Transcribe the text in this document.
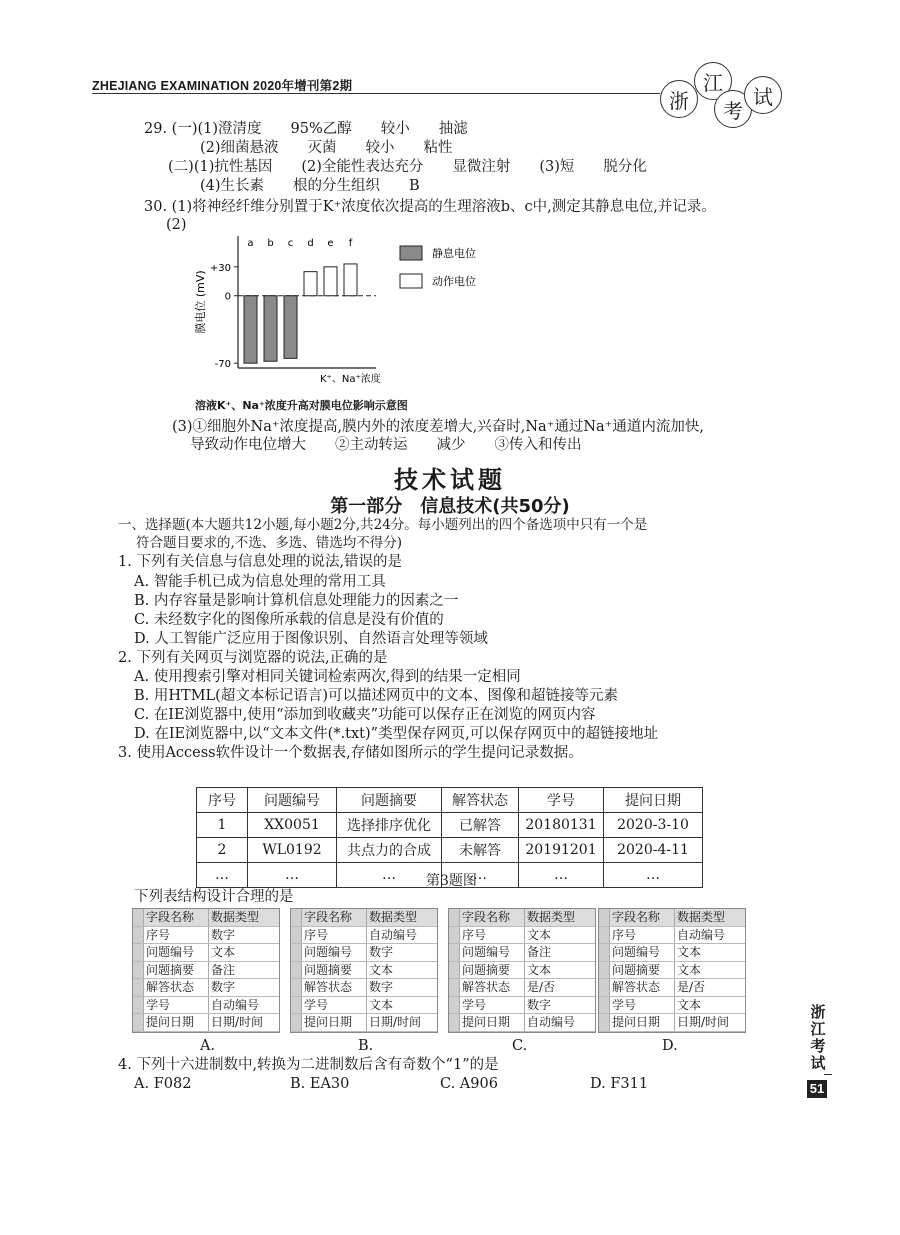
ZHEJIANG EXAMINATION 2020年增刊第2期
浙
江
考
试
29. (一)(1)澄清度　　95%乙醇　　较小　　抽滤
(2)细菌悬液　　灭菌　　较小　　粘性
(二)(1)抗性基因　　(2)全能性表达充分　　显微注射　　(3)短　　脱分化
(4)生长素　　根的分生组织　　B
30. (1)将神经纤维分别置于K⁺浓度依次提高的生理溶液b、c中,测定其静息电位,并记录。
(2)
+30
0
-70
膜电位 (mV)
K⁺、Na⁺浓度
a b c d e f
静息电位
动作电位
溶液K⁺、Na⁺浓度升高对膜电位影响示意图
(3)①细胞外Na⁺浓度提高,膜内外的浓度差增大,兴奋时,Na⁺通过Na⁺通道内流加快,
导致动作电位增大　　②主动转运　　减少　　③传入和传出
技术试题
第一部分　信息技术(共50分)
一、选择题(本大题共12小题,每小题2分,共24分。每小题列出的四个备选项中只有一个是
符合题目要求的,不选、多选、错选均不得分)
1. 下列有关信息与信息处理的说法,错误的是
A. 智能手机已成为信息处理的常用工具
B. 内存容量是影响计算机信息处理能力的因素之一
C. 未经数字化的图像所承载的信息是没有价值的
D. 人工智能广泛应用于图像识别、自然语言处理等领域
2. 下列有关网页与浏览器的说法,正确的是
A. 使用搜索引擎对相同关键词检索两次,得到的结果一定相同
B. 用HTML(超文本标记语言)可以描述网页中的文本、图像和超链接等元素
C. 在IE浏览器中,使用“添加到收藏夹”功能可以保存正在浏览的网页内容
D. 在IE浏览器中,以“文本文件(*.txt)”类型保存网页,可以保存网页中的超链接地址
3. 使用Access软件设计一个数据表,存储如图所示的学生提问记录数据。
序号	问题编号	问题摘要	解答状态	学号	提问日期
1	XX0051	选择排序优化	已解答	20180131	2020-3-10
2	WL0192	共点力的合成	未解答	20191201	2020-4-11
…	…	…	…	…	…
第3题图
下列表结构设计合理的是
字段名称	数据类型
序号	数字
问题编号	文本
问题摘要	备注
解答状态	数字
学号	自动编号
提问日期	日期/时间
字段名称	数据类型
序号	自动编号
问题编号	数字
问题摘要	文本
解答状态	数字
学号	文本
提问日期	日期/时间
字段名称	数据类型
序号	文本
问题编号	备注
问题摘要	文本
解答状态	是/否
学号	数字
提问日期	自动编号
字段名称	数据类型
序号	自动编号
问题编号	文本
问题摘要	文本
解答状态	是/否
学号	文本
提问日期	日期/时间
A.	B.	C.	D.
4. 下列十六进制数中,转换为二进制数后含有奇数个“1”的是
A. F082	B. EA30	C. A906	D. F311
浙江考试
51
